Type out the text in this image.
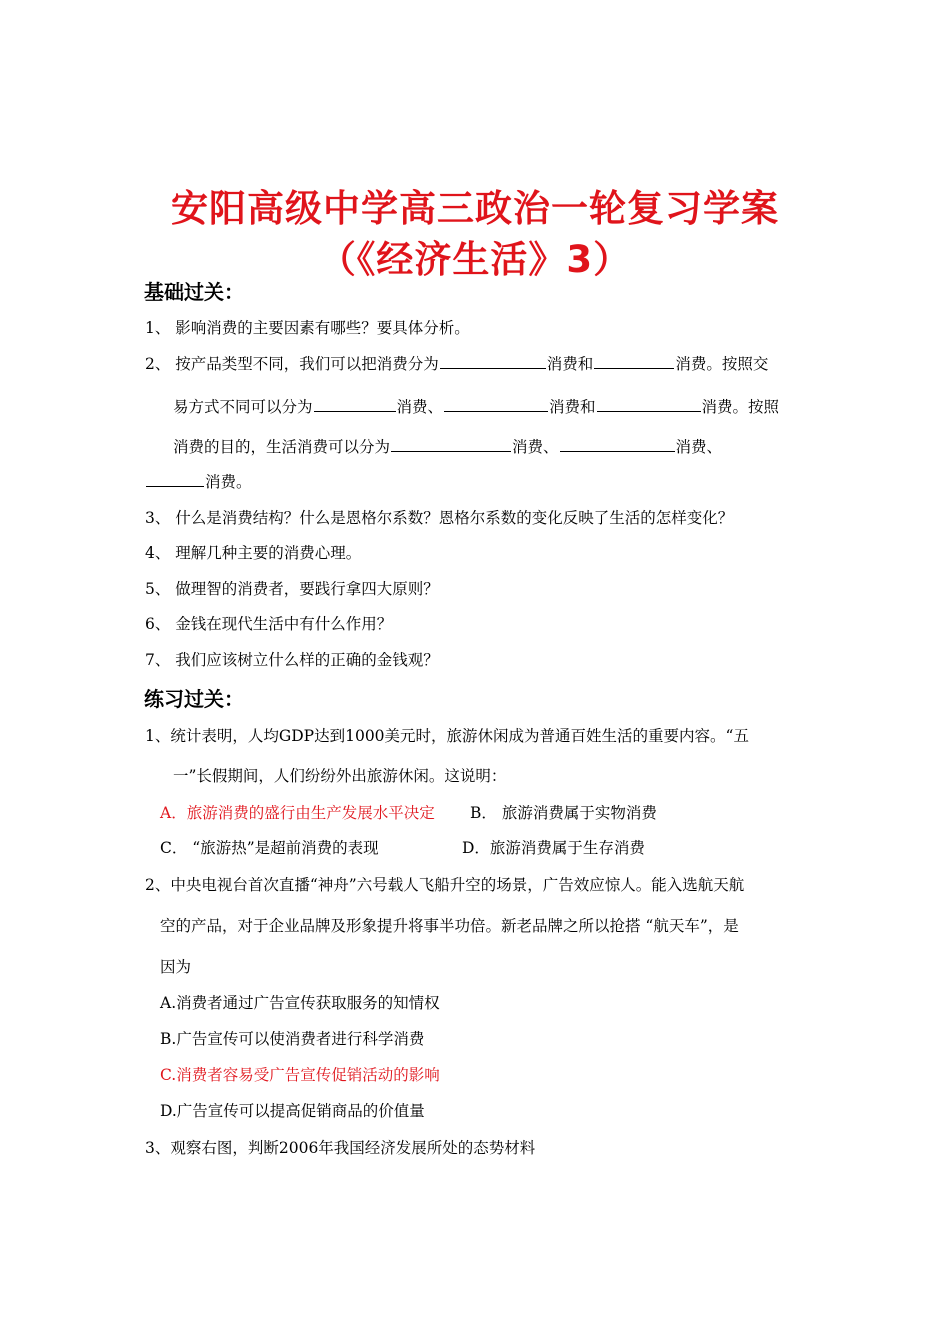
安阳高级中学高三政治一轮复习学案
（《经济生活》3）
基础过关：
1、 影响消费的主要因素有哪些？要具体分析。
2、 按产品类型不同，我们可以把消费分为	消费和	消费。按照交
易方式不同可以分为	消费、	消费和	消费。按照
消费的目的，生活消费可以分为	消费、	消费、
消费。
3、 什么是消费结构？什么是恩格尔系数？恩格尔系数的变化反映了生活的怎样变化？
4、 理解几种主要的消费心理。
5、 做理智的消费者，要践行拿四大原则？
6、 金钱在现代生活中有什么作用？
7、 我们应该树立什么样的正确的金钱观？
练习过关：
1、统计表明，人均GDP达到1000美元时，旅游休闲成为普通百姓生活的重要内容。“五
一”长假期间，人们纷纷外出旅游休闲。这说明：
A．旅游消费的盛行由生产发展水平决定 B． 旅游消费属于实物消费
C． “旅游热”是超前消费的表现	D．旅游消费属于生存消费
2、中央电视台首次直播“神舟”六号载人飞船升空的场景，广告效应惊人。能入选航天航
空的产品，对于企业品牌及形象提升将事半功倍。新老品牌之所以抢搭 “航天车”，是
因为
A.消费者通过广告宣传获取服务的知情权
B.广告宣传可以使消费者进行科学消费
C.消费者容易受广告宣传促销活动的影响
D.广告宣传可以提高促销商品的价值量
3、观察右图，判断2006年我国经济发展所处的态势材料
